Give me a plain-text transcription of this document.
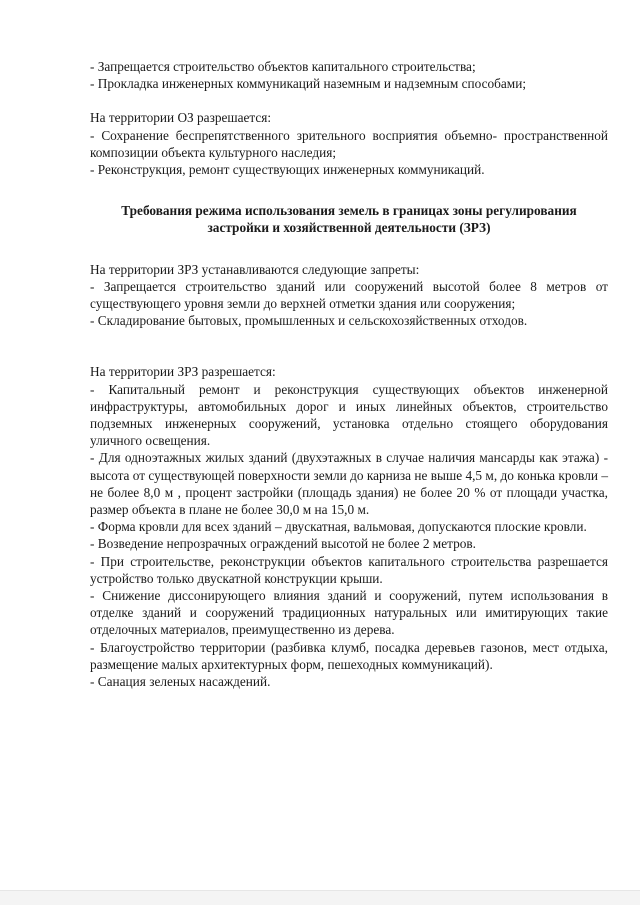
- Запрещается строительство объектов капитального строительства;

- Прокладка инженерных коммуникаций наземным и надземным способами;

На территории ОЗ разрешается:

- Сохранение беспрепятственного зрительного восприятия объемно- пространственной композиции объекта культурного наследия;

- Реконструкция, ремонт существующих инженерных коммуникаций.

Требования режима использования земель в границах зоны регулирования

застройки и хозяйственной деятельности (ЗРЗ)

На территории ЗРЗ устанавливаются следующие запреты:

- Запрещается строительство зданий или сооружений высотой более 8 метров от существующего уровня земли до верхней отметки здания или сооружения;

- Складирование бытовых, промышленных и сельскохозяйственных отходов.

На территории ЗРЗ разрешается:

- Капитальный ремонт и реконструкция существующих объектов инженерной инфраструктуры, автомобильных дорог и иных линейных объектов, строительство подземных инженерных сооружений, установка отдельно стоящего оборудования уличного освещения.

- Для одноэтажных жилых зданий (двухэтажных в случае наличия мансарды как этажа) - высота от существующей поверхности земли до карниза не выше 4,5 м, до конька кровли – не более 8,0 м , процент застройки (площадь здания) не более 20 % от площади участка, размер объекта в плане не более 30,0 м на 15,0 м.

- Форма кровли для всех зданий – двускатная, вальмовая, допускаются плоские кровли.

- Возведение непрозрачных ограждений высотой не более 2 метров.

- При строительстве, реконструкции объектов капитального строительства разрешается устройство только двускатной конструкции крыши.

- Снижение диссонирующего влияния зданий и сооружений, путем использования в отделке зданий и сооружений традиционных натуральных или имитирующих такие отделочных материалов, преимущественно из дерева.

- Благоустройство территории (разбивка клумб, посадка деревьев газонов, мест отдыха, размещение малых архитектурных форм, пешеходных коммуникаций).

- Санация зеленых насаждений.
